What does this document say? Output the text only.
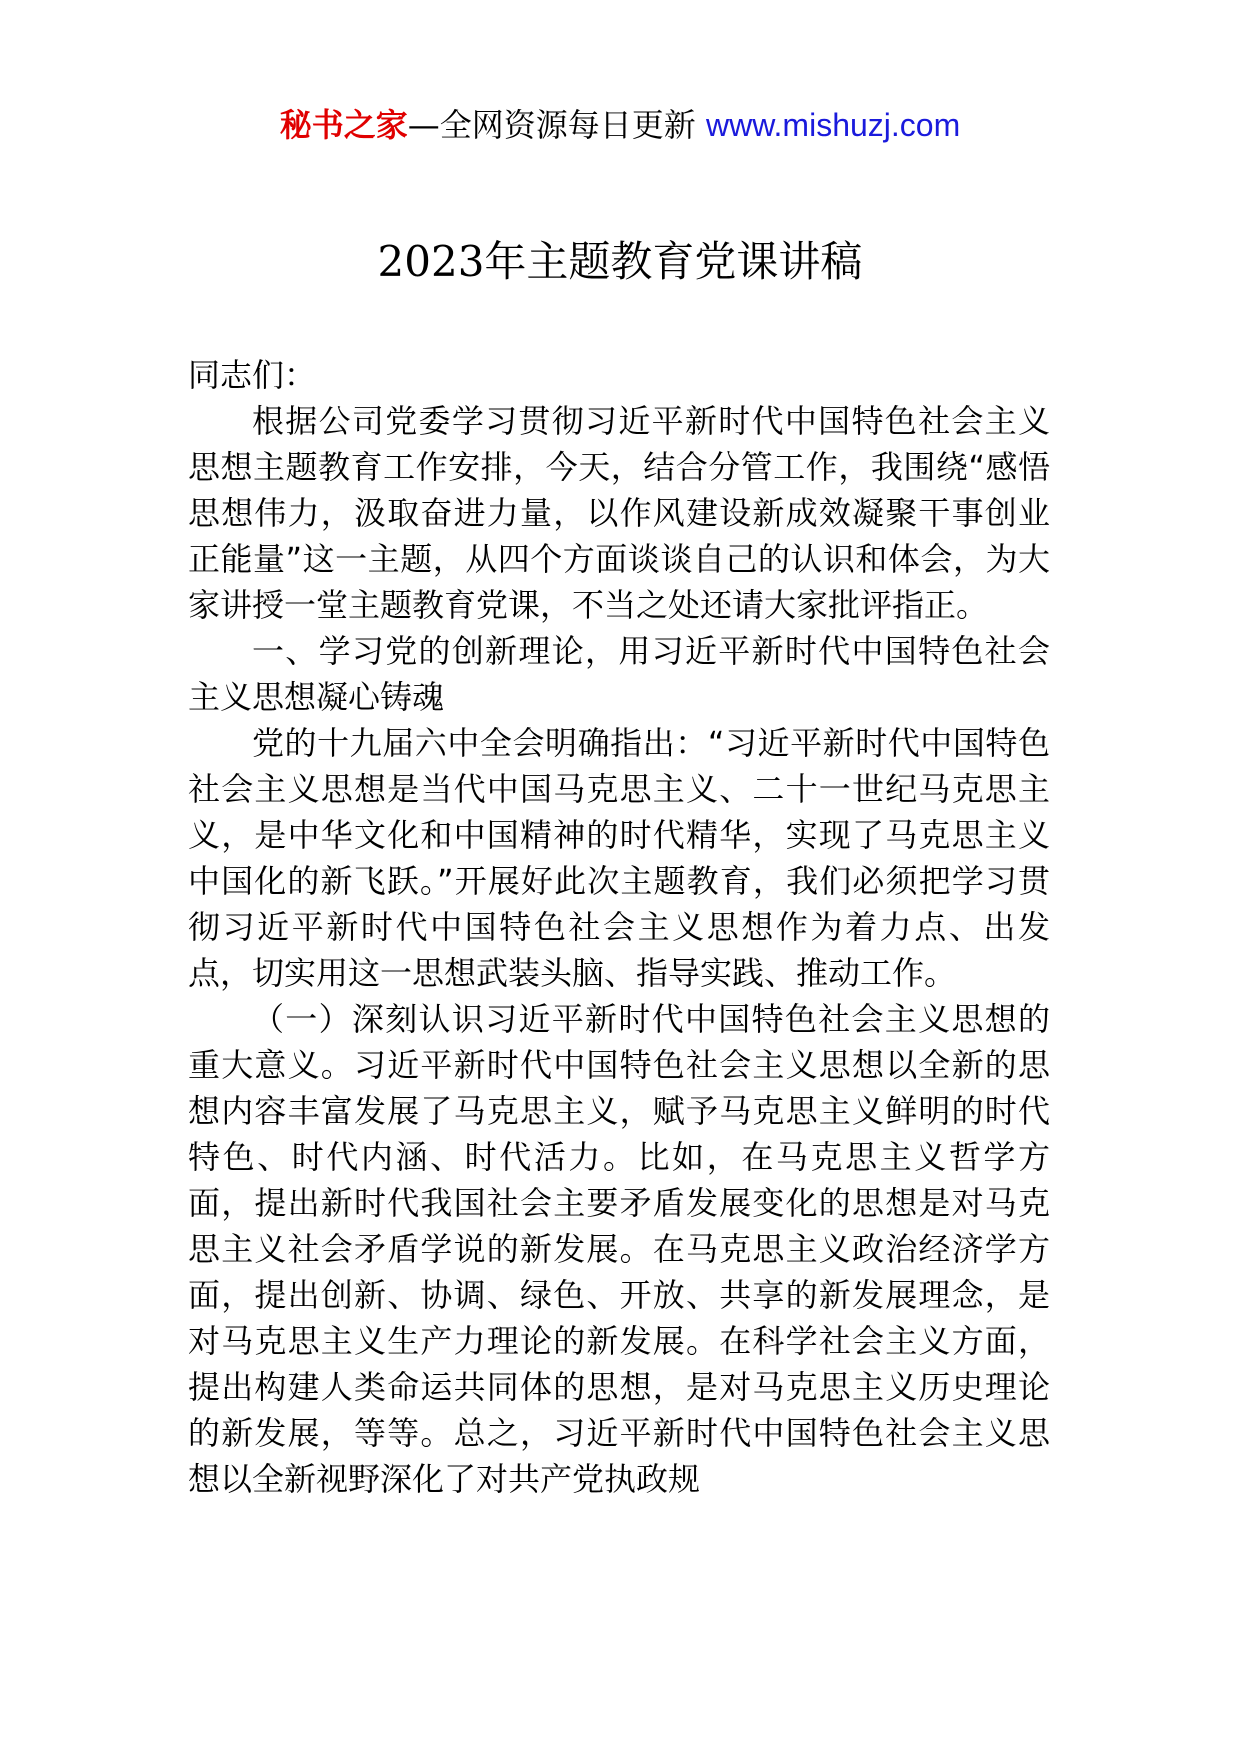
秘书之家—全网资源每日更新 www.mishuzj.com
2023年主题教育党课讲稿

同志们：

根据公司党委学习贯彻习近平新时代中国特色社会主义思想主题教育工作安排，今天，结合分管工作，我围绕“感悟思想伟力，汲取奋进力量，以作风建设新成效凝聚干事创业正能量”这一主题，从四个方面谈谈自己的认识和体会，为大家讲授一堂主题教育党课，不当之处还请大家批评指正。

一、学习党的创新理论，用习近平新时代中国特色社会主义思想凝心铸魂

党的十九届六中全会明确指出：“习近平新时代中国特色社会主义思想是当代中国马克思主义、二十一世纪马克思主义，是中华文化和中国精神的时代精华，实现了马克思主义中国化的新飞跃。”开展好此次主题教育，我们必须把学习贯彻习近平新时代中国特色社会主义思想作为着力点、出发点，切实用这一思想武装头脑、指导实践、推动工作。

（一）深刻认识习近平新时代中国特色社会主义思想的重大意义。习近平新时代中国特色社会主义思想以全新的思想内容丰富发展了马克思主义，赋予马克思主义鲜明的时代特色、时代内涵、时代活力。比如，在马克思主义哲学方面，提出新时代我国社会主要矛盾发展变化的思想是对马克思主义社会矛盾学说的新发展。在马克思主义政治经济学方面，提出创新、协调、绿色、开放、共享的新发展理念，是对马克思主义生产力理论的新发展。在科学社会主义方面，提出构建人类命运共同体的思想，是对马克思主义历史理论的新发展，等等。总之，习近平新时代中国特色社会主义思想以全新视野深化了对共产党执政规
